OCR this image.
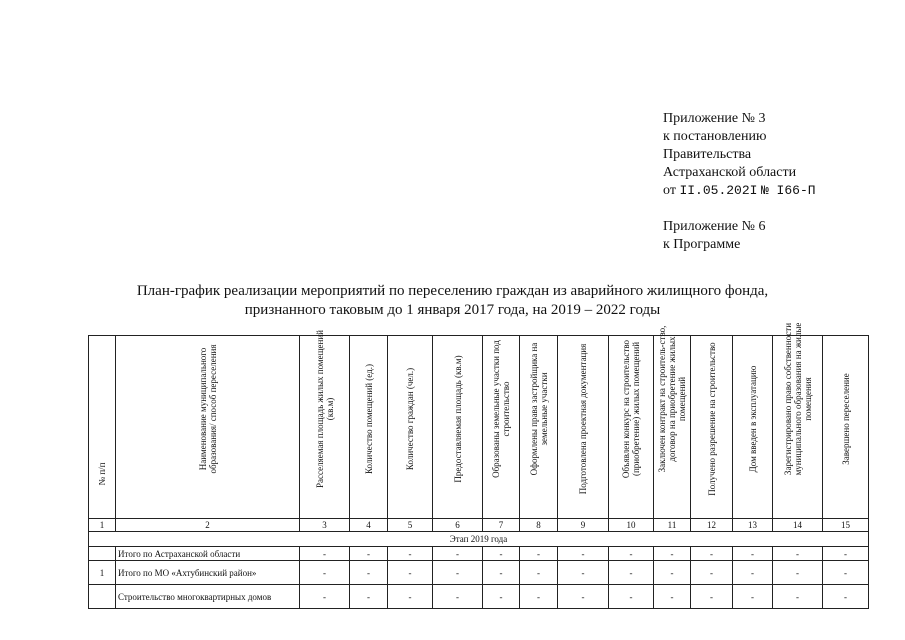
Приложение № 3
к постановлению
Правительства
Астраханской области
от II.05.202I № I66-П
Приложение № 6
к Программе
План-график реализации мероприятий по переселению граждан из аварийного жилищного фонда,
признанного таковым до 1 января 2017 года, на 2019 – 2022 годы
№ п/п	Наименование муниципального образования/ способ переселения	Расселяемая площадь жилых помещений (кв.м)	Количество помещений (ед.)	Количество граждан (чел.)	Предоставляемая площадь (кв.м)	Образованы земельные участки под строительство	Оформлены права застройщика на земельные участки	Подготовлена проектная документация	Объявлен конкурс на строительство (приобретение) жилых помещений	Заключен контракт на строитель-ство, договор на приобретение жилых помещений	Получено разрешение на строительство	Дом введен в эксплуатацию	Зарегистрировано право собственности муниципального образования на жилые помещения	Завершено переселение

1	2	3	4	5	6	7	8	9	10	11	12	13	14	15
Этап 2019 года														
	Итого по Астраханской области	-	-	-	-	-	-	-	-	-	-	-	-	-
1	Итого по МО «Ахтубинский район»	-	-	-	-	-	-	-	-	-	-	-	-	-
	Строительство многоквартирных домов	-	-	-	-	-	-	-	-	-	-	-	-	-
